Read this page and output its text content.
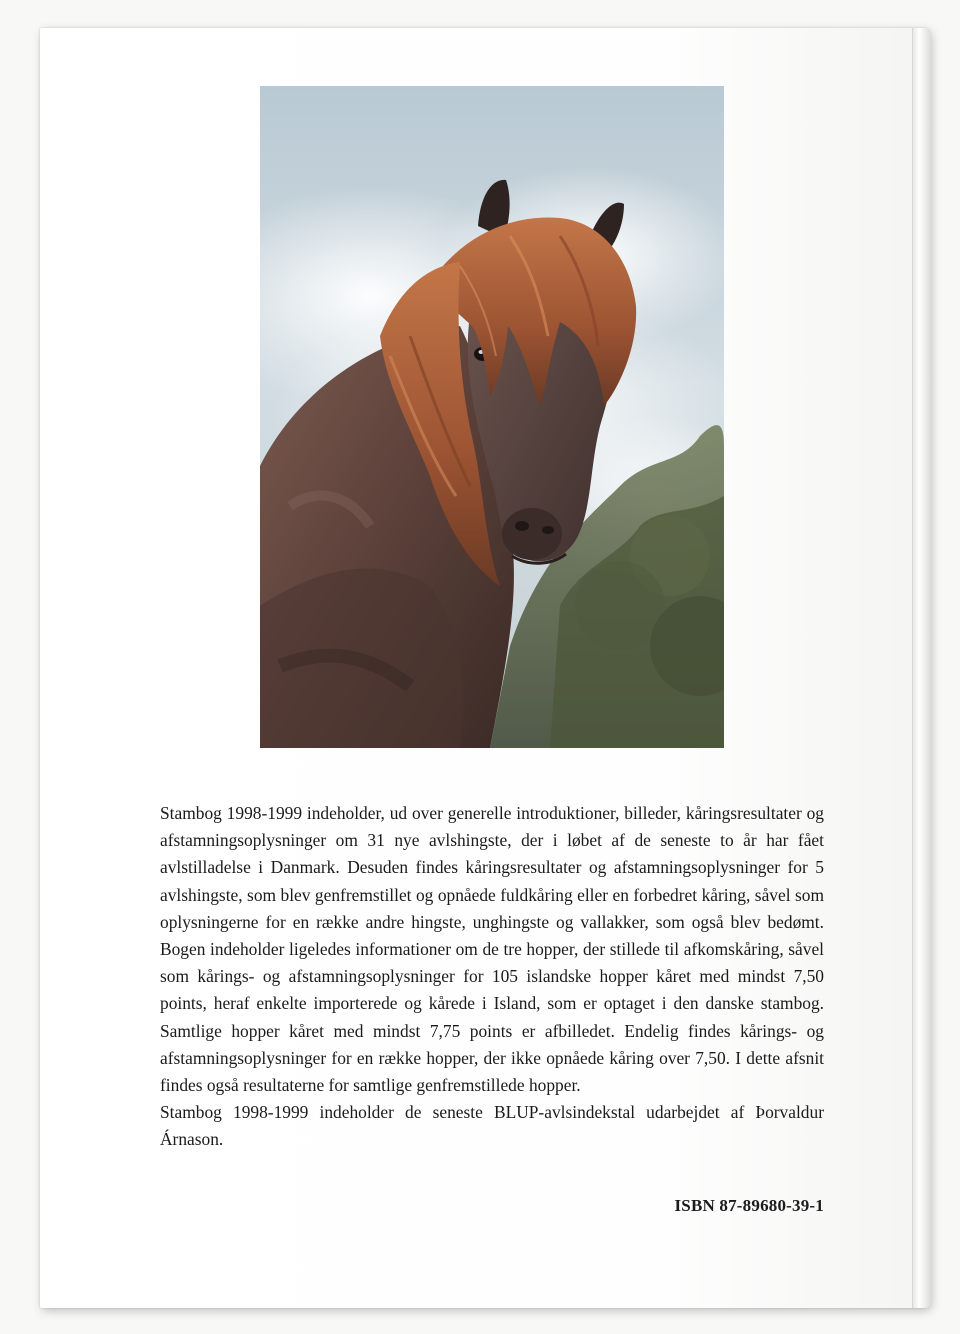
Stambog 1998-1999 indeholder, ud over generelle introduktioner, billeder, kåringsresultater og afstamningsoplysninger om 31 nye avlshingste, der i løbet af de seneste to år har fået avlstilladelse i Danmark. Desuden findes kåringsresultater og afstamningsoplysninger for 5 avlshingste, som blev genfremstillet og opnåede fuldkåring eller en forbedret kåring, såvel som oplysningerne for en række andre hingste, unghingste og vallakker, som også blev bedømt. Bogen indeholder ligeledes informationer om de tre hopper, der stillede til afkomskåring, såvel som kårings- og afstamningsoplysninger for 105 islandske hopper kåret med mindst 7,50 points, heraf enkelte importerede og kårede i Island, som er optaget i den danske stambog. Samtlige hopper kåret med mindst 7,75 points er afbilledet. Endelig findes kårings- og afstamningsoplysninger for en række hopper, der ikke opnåede kåring over 7,50. I dette afsnit findes også resultaterne for samtlige genfremstillede hopper.

Stambog 1998-1999 indeholder de seneste BLUP-avlsindekstal udarbejdet af Þorvaldur Árnason.

ISBN 87-89680-39-1
